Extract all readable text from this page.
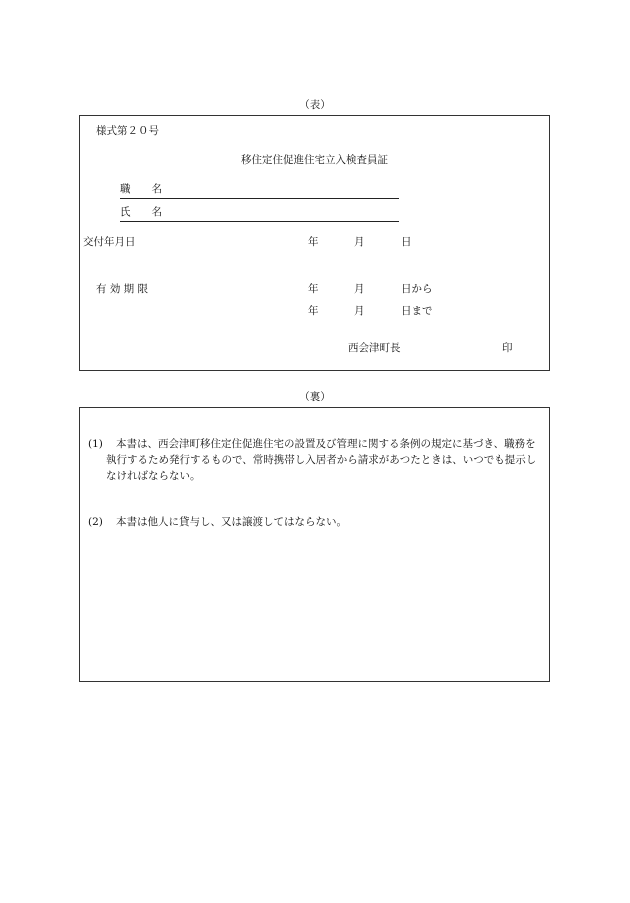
（表）
様式第２０号
移住定住促進住宅立入検査員証
職　　名
氏　　名
交付年月日	年	月	日
有 効 期 限	年	月	日から
年	月	日まで
西会津町長	印
（裏）
(1)	本書は、西会津町移住定住促進住宅の設置及び管理に関する条例の規定に基づき、職務を執行するため発行するもので、常時携帯し入居者から請求があつたときは、いつでも提示しなければならない。
(2)	本書は他人に貸与し、又は譲渡してはならない。
